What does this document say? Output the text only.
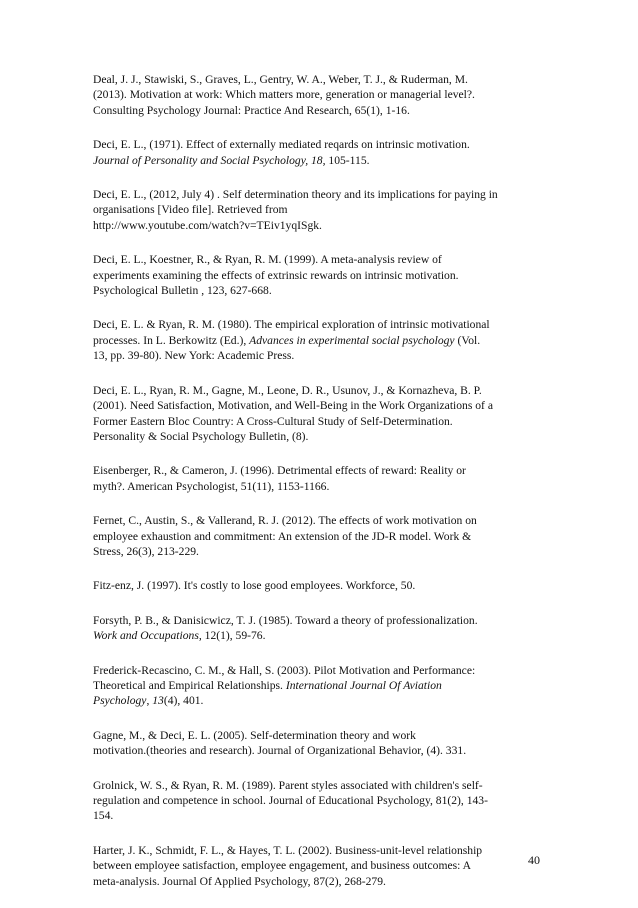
Deal, J. J., Stawiski, S., Graves, L., Gentry, W. A., Weber, T. J., & Ruderman, M.
(2013). Motivation at work: Which matters more, generation or managerial level?.
Consulting Psychology Journal: Practice And Research, 65(1), 1-16.

Deci, E. L., (1971). Effect of externally mediated reqards on intrinsic motivation.
Journal of Personality and Social Psychology, 18, 105-115.

Deci, E. L., (2012, July 4) . Self determination theory and its implications for paying in
organisations [Video file]. Retrieved from
http://www.youtube.com/watch?v=TEiv1yqISgk.

Deci, E. L., Koestner, R., & Ryan, R. M. (1999). A meta-analysis review of
experiments examining the effects of extrinsic rewards on intrinsic motivation.
Psychological Bulletin , 123, 627-668.

Deci, E. L. & Ryan, R. M. (1980). The empirical exploration of intrinsic motivational
processes. In L. Berkowitz (Ed.), Advances in experimental social psychology (Vol.
13, pp. 39-80). New York: Academic Press.

Deci, E. L., Ryan, R. M., Gagne, M., Leone, D. R., Usunov, J., & Kornazheva, B. P.
(2001). Need Satisfaction, Motivation, and Well-Being in the Work Organizations of a
Former Eastern Bloc Country: A Cross-Cultural Study of Self-Determination.
Personality & Social Psychology Bulletin, (8).

Eisenberger, R., & Cameron, J. (1996). Detrimental effects of reward: Reality or
myth?. American Psychologist, 51(11), 1153-1166.

Fernet, C., Austin, S., & Vallerand, R. J. (2012). The effects of work motivation on
employee exhaustion and commitment: An extension of the JD-R model. Work &
Stress, 26(3), 213-229.

Fitz-enz, J. (1997). It's costly to lose good employees. Workforce, 50.

Forsyth, P. B., & Danisicwicz, T. J. (1985). Toward a theory of professionalization.
Work and Occupations, 12(1), 59-76.

Frederick-Recascino, C. M., & Hall, S. (2003). Pilot Motivation and Performance:
Theoretical and Empirical Relationships. International Journal Of Aviation
Psychology, 13(4), 401.

Gagne, M., & Deci, E. L. (2005). Self-determination theory and work
motivation.(theories and research). Journal of Organizational Behavior, (4). 331.

Grolnick, W. S., & Ryan, R. M. (1989). Parent styles associated with children's self-
regulation and competence in school. Journal of Educational Psychology, 81(2), 143-
154.

Harter, J. K., Schmidt, F. L., & Hayes, T. L. (2002). Business-unit-level relationship
between employee satisfaction, employee engagement, and business outcomes: A
meta-analysis. Journal Of Applied Psychology, 87(2), 268-279.

40
